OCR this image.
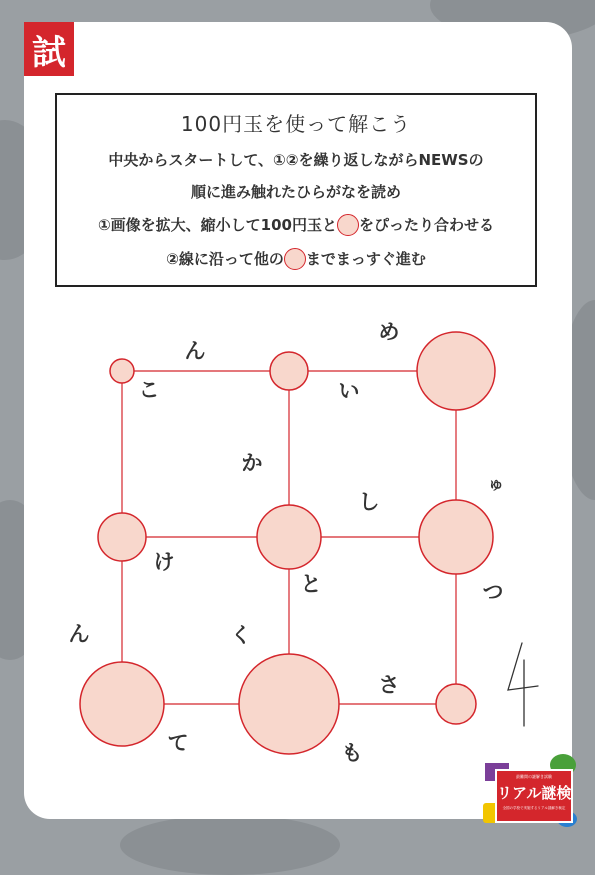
試
100円玉を使って解こう
中央からスタートして、①②を繰り返しながらNEWSの
順に進み触れたひらがなを読め
①画像を拡大、縮小して100円玉と をぴったり合わせる
②線に沿って他の までまっすぐ進む
ん
め
こ	い
か
し
ゅ
け
と	つ
ん	く
さ
て	も
最難関の謎解き試験
リアル謎検
全国の学校で実施するリアル謎解き検定
